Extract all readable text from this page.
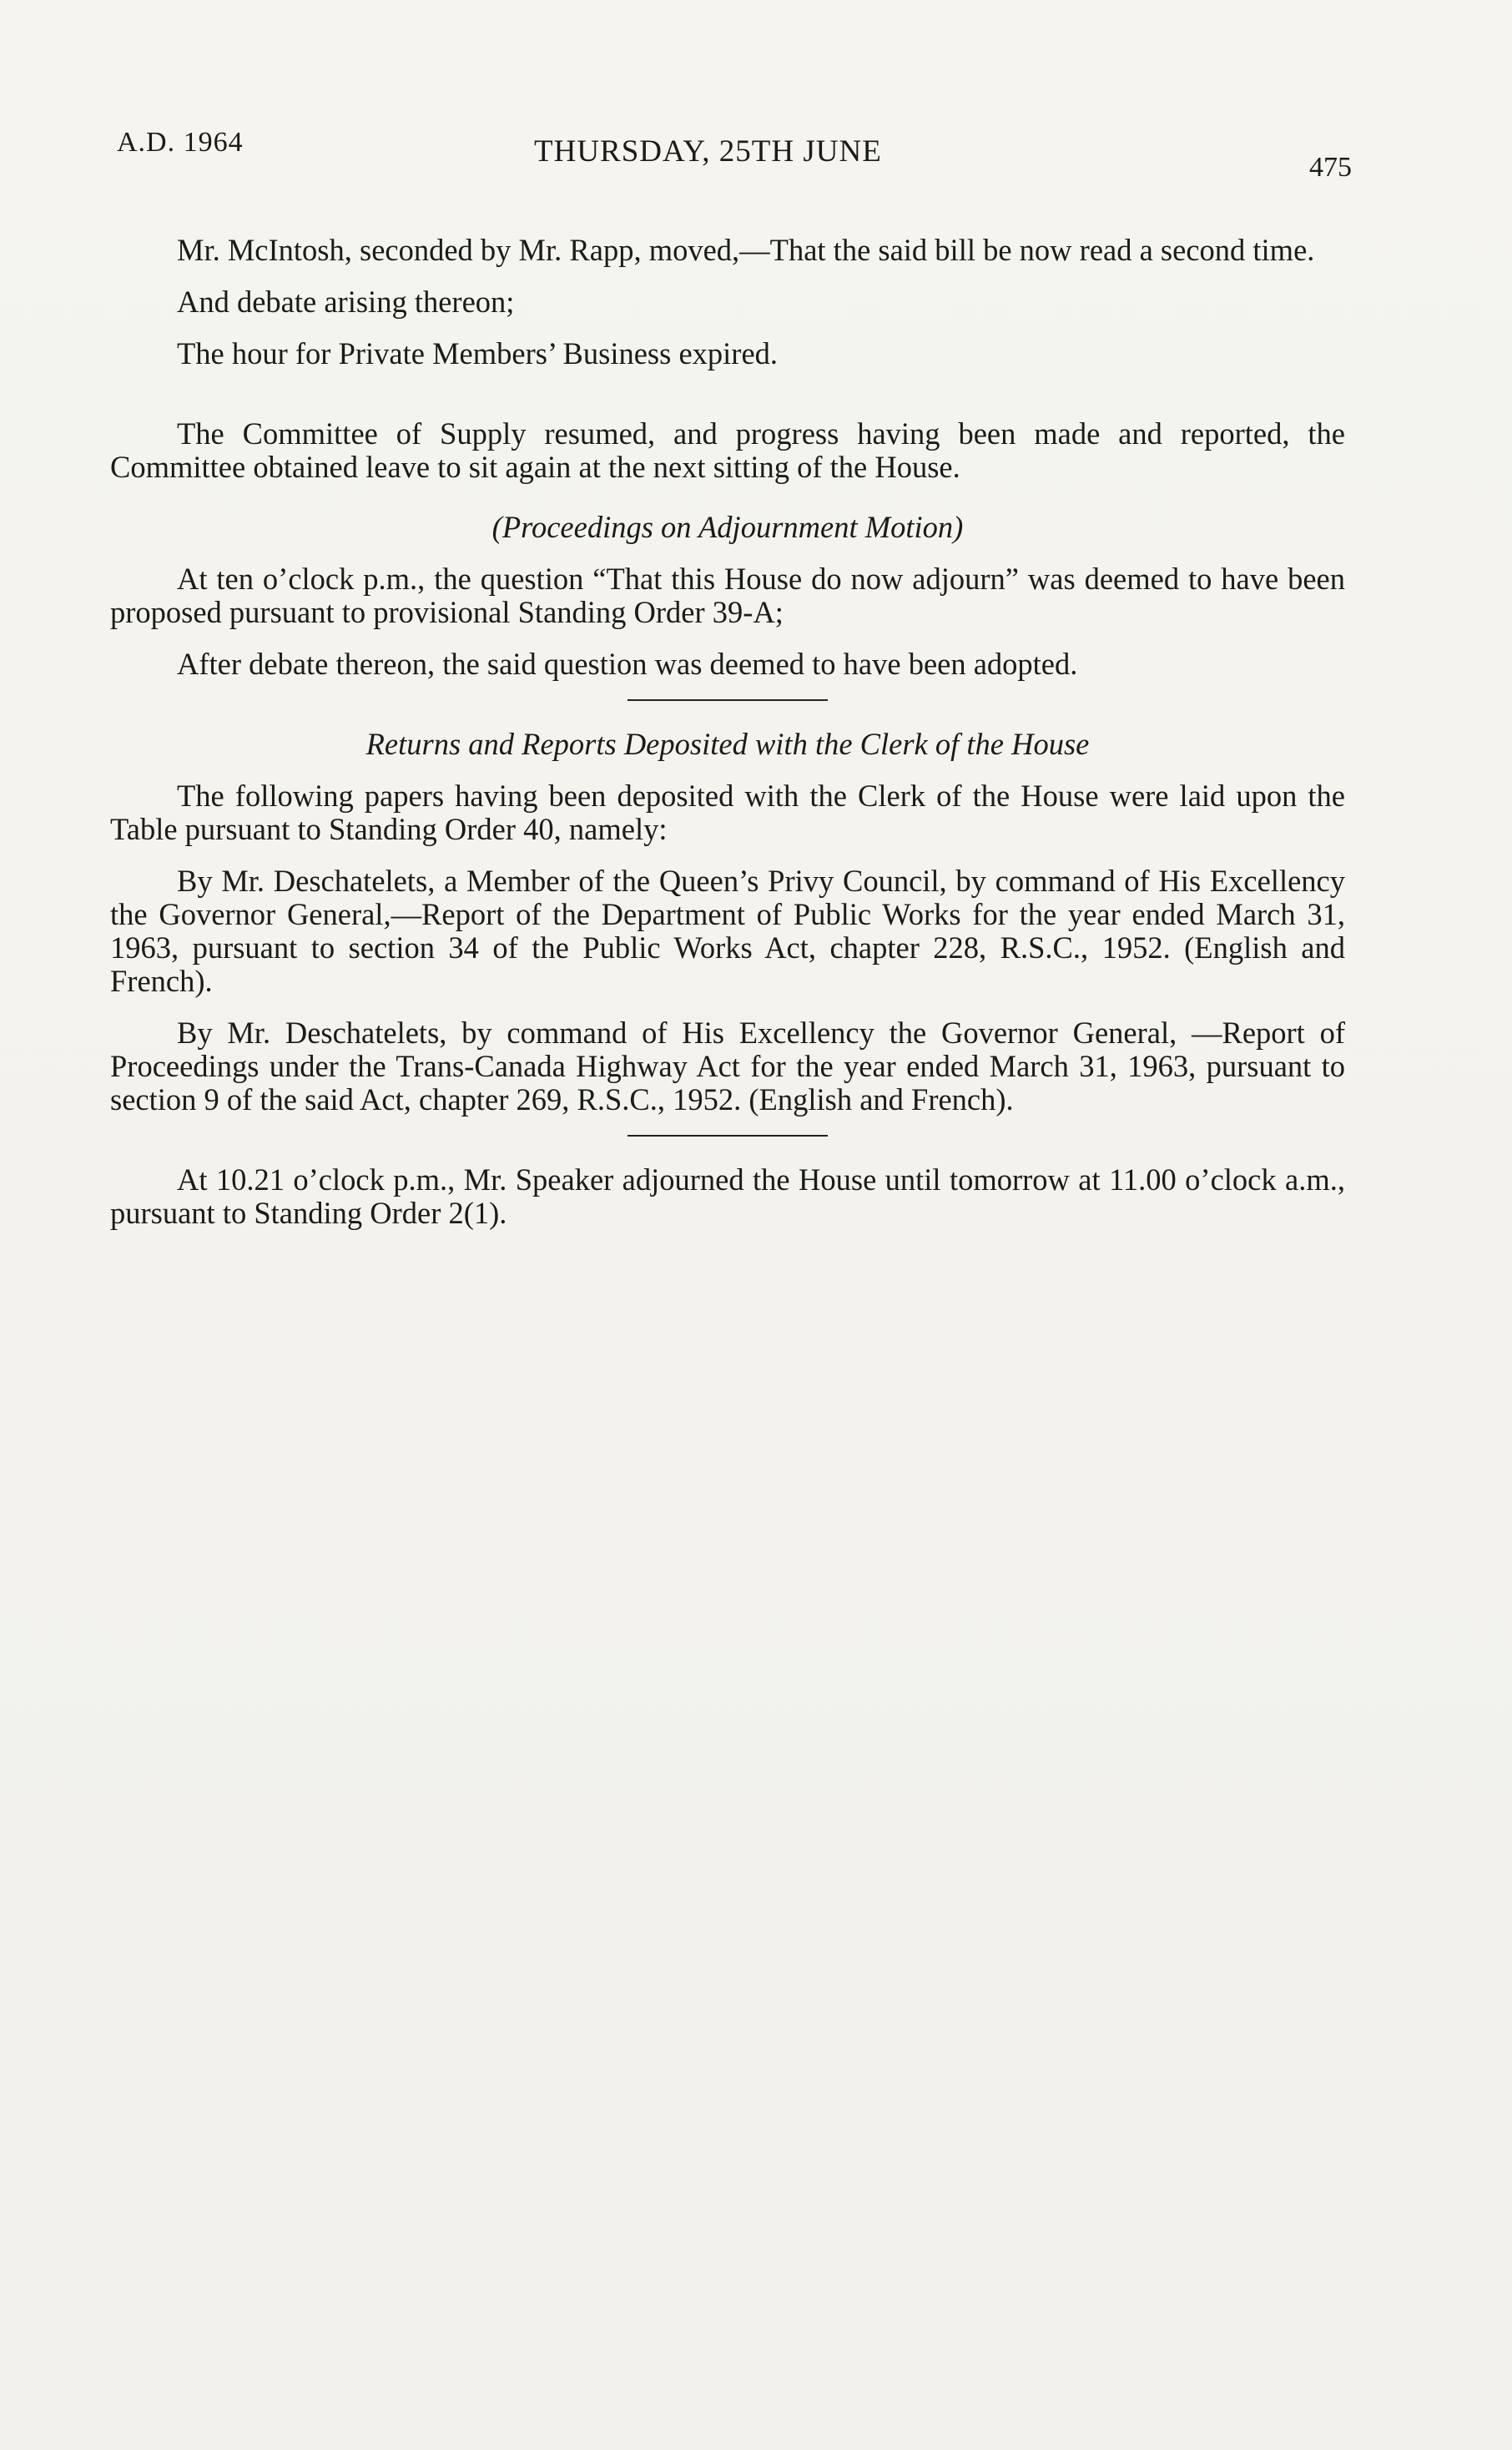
A.D. 1964	THURSDAY, 25TH JUNE	475

Mr. McIntosh, seconded by Mr. Rapp, moved,—That the said bill be now read a second time.

And debate arising thereon;

The hour for Private Members’ Business expired.

The Committee of Supply resumed, and progress having been made and reported, the Committee obtained leave to sit again at the next sitting of the House.

(Proceedings on Adjournment Motion)

At ten o’clock p.m., the question “That this House do now adjourn” was deemed to have been proposed pursuant to provisional Standing Order 39-A;

After debate thereon, the said question was deemed to have been adopted.

Returns and Reports Deposited with the Clerk of the House

The following papers having been deposited with the Clerk of the House were laid upon the Table pursuant to Standing Order 40, namely:

By Mr. Deschatelets, a Member of the Queen’s Privy Council, by command of His Excellency the Governor General,—Report of the Department of Public Works for the year ended March 31, 1963, pursuant to section 34 of the Public Works Act, chapter 228, R.S.C., 1952. (English and French).

By Mr. Deschatelets, by command of His Excellency the Governor General, —Report of Proceedings under the Trans-Canada Highway Act for the year ended March 31, 1963, pursuant to section 9 of the said Act, chapter 269, R.S.C., 1952. (English and French).

At 10.21 o’clock p.m., Mr. Speaker adjourned the House until tomorrow at 11.00 o’clock a.m., pursuant to Standing Order 2(1).
